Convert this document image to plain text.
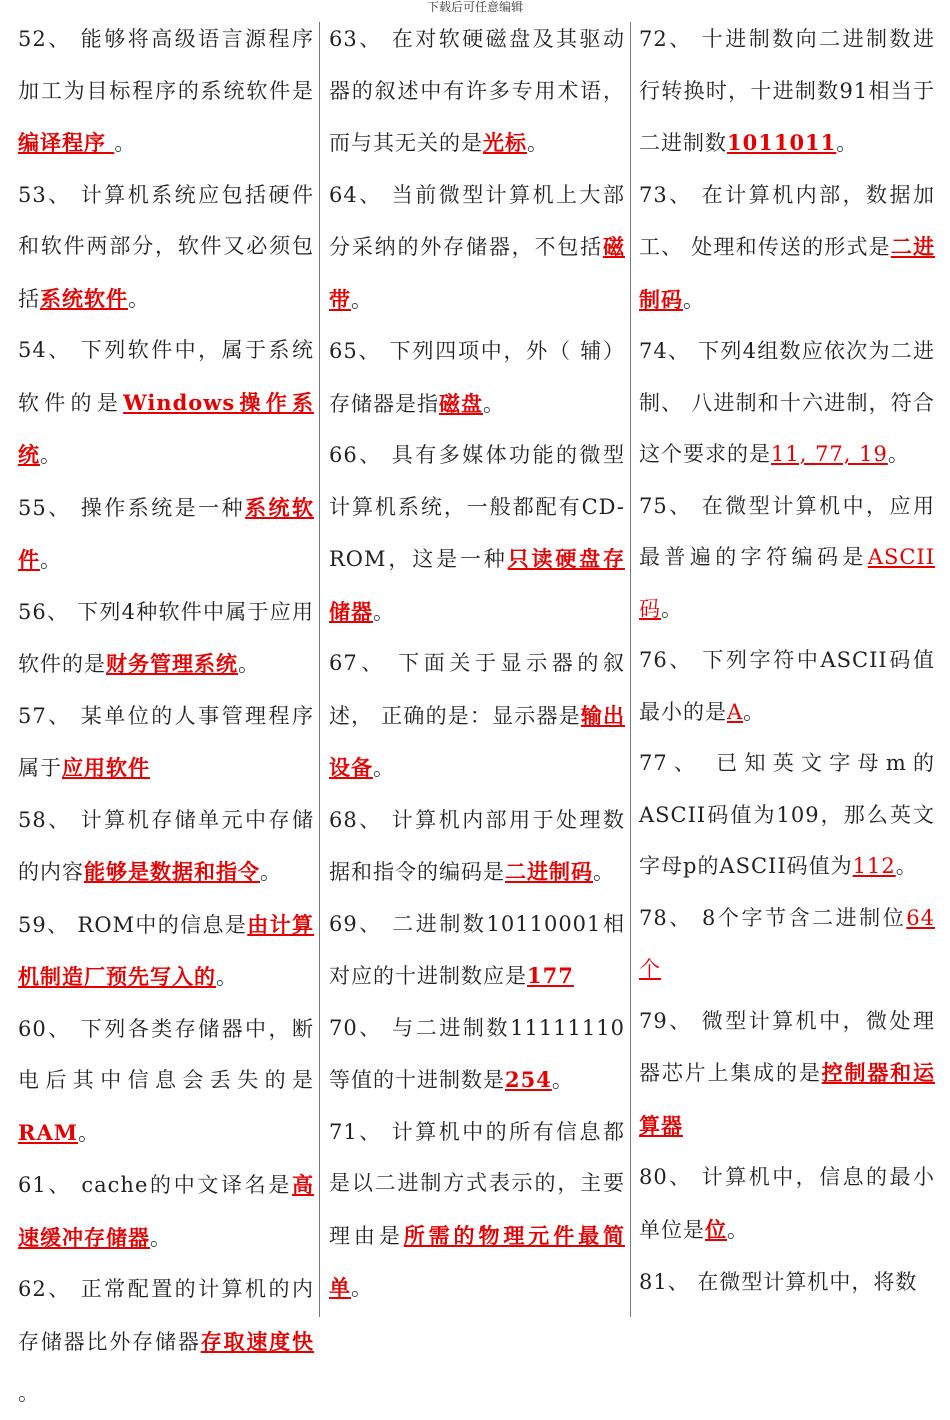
下载后可任意编辑

52、 能够将高级语言源程序加工为目标程序的系统软件是编译程序 。

53、 计算机系统应包括硬件和软件两部分，软件又必须包括系统软件。

54、 下列软件中，属于系统软件的是Windows操作系统。

55、 操作系统是一种系统软件。

56、 下列4种软件中属于应用软件的是财务管理系统。

57、 某单位的人事管理程序属于应用软件

58、 计算机存储单元中存储的内容能够是数据和指令。

59、 ROM中的信息是由计算机制造厂预先写入的。

60、 下列各类存储器中，断电后其中信息会丢失的是RAM。

61、 cache的中文译名是高速缓冲存储器。

62、 正常配置的计算机的内存储器比外存储器存取速度快 。

63、 在对软硬磁盘及其驱动器的叙述中有许多专用术语，而与其无关的是光标。

64、 当前微型计算机上大部分采纳的外存储器，不包括磁带。

65、 下列四项中，外（ 辅）存储器是指磁盘。

66、 具有多媒体功能的微型计算机系统，一般都配有CD-ROM，这是一种只读硬盘存储器。

67、 下面关于显示器的叙述， 正确的是：显示器是输出设备。

68、 计算机内部用于处理数据和指令的编码是二进制码。

69、 二进制数10110001相对应的十进制数应是177

70、 与二进制数11111110等值的十进制数是254。

71、 计算机中的所有信息都是以二进制方式表示的，主要理由是所需的物理元件最简单。

72、 十进制数向二进制数进行转换时，十进制数91相当于二进制数1011011。

73、 在计算机内部，数据加工、 处理和传送的形式是二进制码。

74、 下列4组数应依次为二进制、 八进制和十六进制，符合这个要求的是11, 77, 19。

75、 在微型计算机中，应用最普遍的字符编码是ASCII码。

76、 下列字符中ASCII码值最小的是A。

77、 已知英文字母m的ASCII码值为109，那么英文字母p的ASCII码值为112。

78、 8个字节含二进制位64个

79、 微型计算机中，微处理器芯片上集成的是控制器和运算器

80、 计算机中，信息的最小单位是位。

81、 在微型计算机中，将数
